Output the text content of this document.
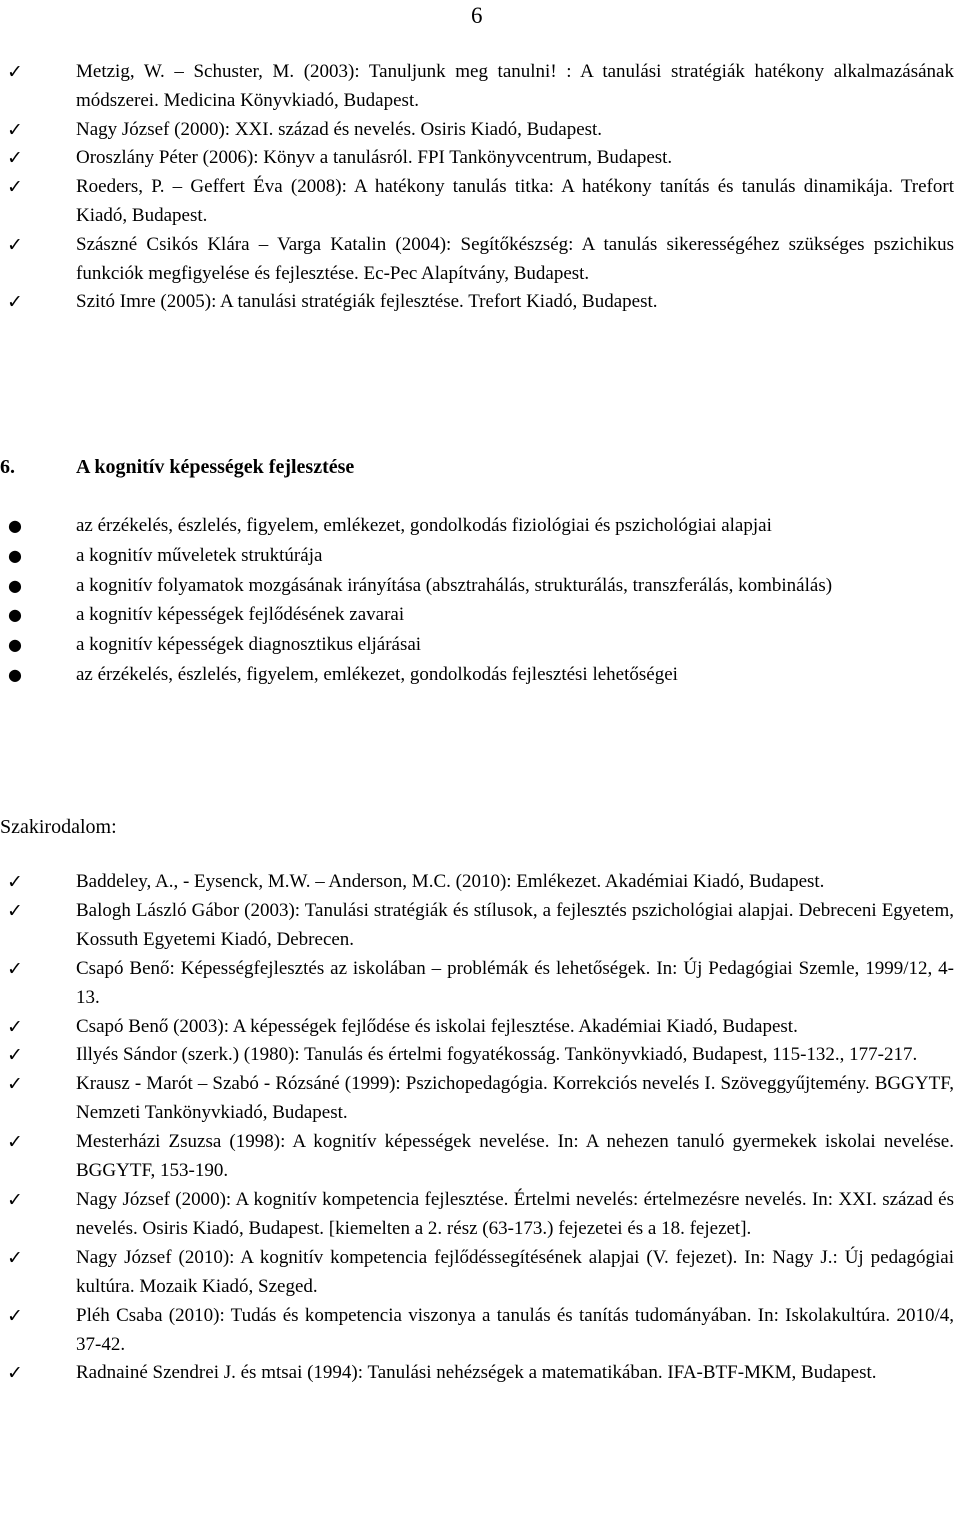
6
✓	Metzig, W. – Schuster, M. (2003): Tanuljunk meg tanulni! : A tanulási stratégiák hatékony alkalmazásának módszerei. Medicina Könyvkiadó, Budapest.
✓	Nagy József (2000): XXI. század és nevelés. Osiris Kiadó, Budapest.
✓	Oroszlány Péter (2006): Könyv a tanulásról. FPI Tankönyvcentrum, Budapest.
✓	Roeders, P. – Geffert Éva (2008): A hatékony tanulás titka: A hatékony tanítás és tanulás dinamikája. Trefort Kiadó, Budapest.
✓	Szászné Csikós Klára – Varga Katalin (2004): Segítőkészség: A tanulás sikerességéhez szükséges pszichikus funkciók megfigyelése és fejlesztése. Ec-Pec Alapítvány, Budapest.
✓	Szitó Imre (2005): A tanulási stratégiák fejlesztése. Trefort Kiadó, Budapest.
6.	A kognitív képességek fejlesztése
●	az érzékelés, észlelés, figyelem, emlékezet, gondolkodás fiziológiai és pszichológiai alapjai
●	a kognitív műveletek struktúrája
●	a kognitív folyamatok mozgásának irányítása (absztrahálás, strukturálás, transzferálás, kombinálás)
●	a kognitív képességek fejlődésének zavarai
●	a kognitív képességek diagnosztikus eljárásai
●	az érzékelés, észlelés, figyelem, emlékezet, gondolkodás fejlesztési lehetőségei
Szakirodalom:
✓	Baddeley, A., - Eysenck, M.W. – Anderson, M.C. (2010): Emlékezet. Akadémiai Kiadó, Budapest.
✓	Balogh László Gábor (2003): Tanulási stratégiák és stílusok, a fejlesztés pszichológiai alapjai. Debreceni Egyetem, Kossuth Egyetemi Kiadó, Debrecen.
✓	Csapó Benő: Képességfejlesztés az iskolában – problémák és lehetőségek. In: Új Pedagógiai Szemle, 1999/12, 4-13.
✓	Csapó Benő (2003): A képességek fejlődése és iskolai fejlesztése. Akadémiai Kiadó, Budapest.
✓	Illyés Sándor (szerk.) (1980): Tanulás és értelmi fogyatékosság. Tankönyvkiadó, Budapest, 115-132., 177-217.
✓	Krausz - Marót – Szabó - Rózsáné (1999): Pszichopedagógia. Korrekciós nevelés I. Szöveggyűjtemény. BGGYTF, Nemzeti Tankönyvkiadó, Budapest.
✓	Mesterházi Zsuzsa (1998): A kognitív képességek nevelése. In: A nehezen tanuló gyermekek iskolai nevelése. BGGYTF, 153-190.
✓	Nagy József (2000): A kognitív kompetencia fejlesztése. Értelmi nevelés: értelmezésre nevelés. In: XXI. század és nevelés. Osiris Kiadó, Budapest. [kiemelten a 2. rész (63-173.) fejezetei és a 18. fejezet].
✓	Nagy József (2010): A kognitív kompetencia fejlődéssegítésének alapjai (V. fejezet). In: Nagy J.: Új pedagógiai kultúra. Mozaik Kiadó, Szeged.
✓	Pléh Csaba (2010): Tudás és kompetencia viszonya a tanulás és tanítás tudományában. In: Iskolakultúra. 2010/4, 37-42.
✓	Radnainé Szendrei J. és mtsai (1994): Tanulási nehézségek a matematikában. IFA-BTF-MKM, Budapest.
